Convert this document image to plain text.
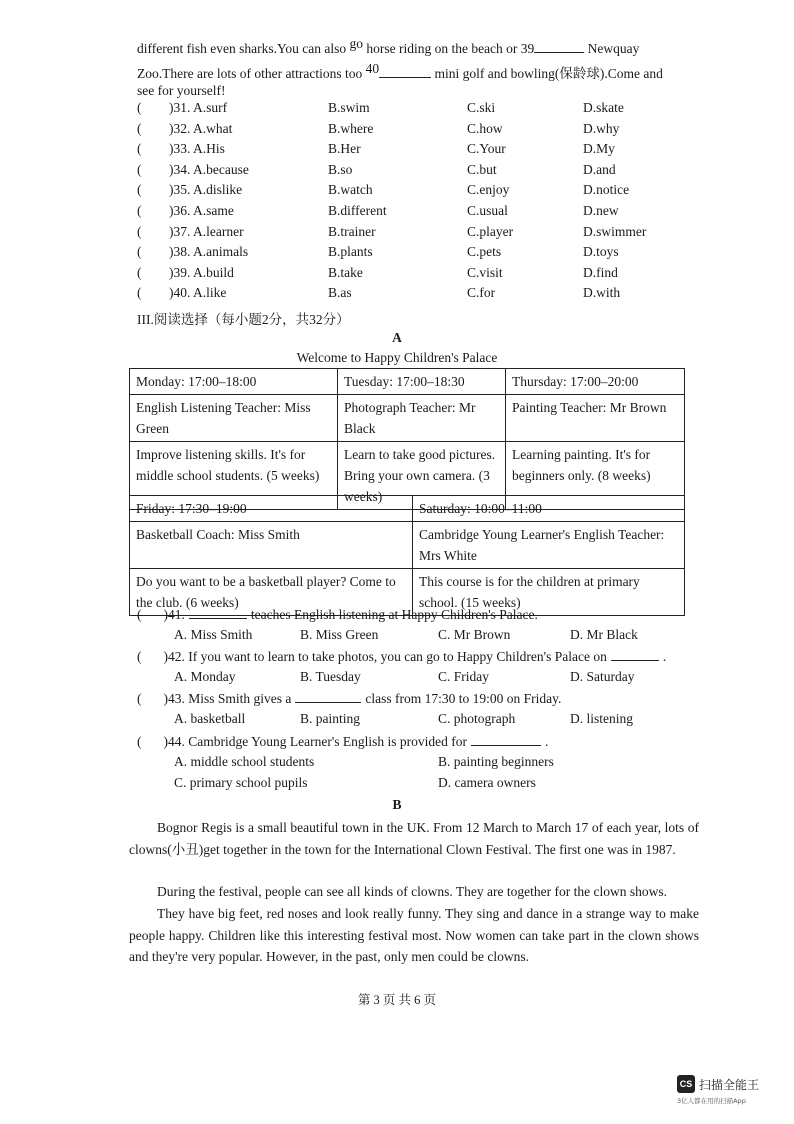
different fish even sharks.You can also go horse riding on the beach or 39	Newquay
Zoo.There are lots of other attractions too 40	mini golf and bowling(保龄球).Come and
see for yourself!
( )31. A.surf	B.swim	C.ski	D.skate
( )32. A.what	B.where	C.how	D.why
( )33. A.His	B.Her	C.Your	D.My
( )34. A.because	B.so	C.but	D.and
( )35. A.dislike	B.watch	C.enjoy	D.notice
( )36. A.same	B.different	C.usual	D.new
( )37. A.learner	B.trainer	C.player	D.swimmer
( )38. A.animals	B.plants	C.pets	D.toys
( )39. A.build	B.take	C.visit	D.find
( )40. A.like	B.as	C.for	D.with
III.阅读选择（每小题2分，共32分）
A
Welcome to Happy Children's Palace
Monday: 17:00–18:00	Tuesday: 17:00–18:30	Thursday: 17:00–20:00
English Listening Teacher: Miss Green	Photograph Teacher: Mr Black	Painting Teacher: Mr Brown
Improve listening skills. It's for middle school students. (5 weeks)	Learn to take good pictures. Bring your own camera. (3 weeks)	Learning painting. It's for beginners only. (8 weeks)
Friday: 17:30–19:00	Saturday: 10:00–11:00
Basketball Coach: Miss Smith	Cambridge Young Learner's English Teacher: Mrs White
Do you want to be a basketball player? Come to the club. (6 weeks)	This course is for the children at primary school. (15 weeks)
( )41.	teaches English listening at Happy Children's Palace.
A. Miss Smith	B. Miss Green	C. Mr Brown	D. Mr Black
( )42. If you want to learn to take photos, you can go to Happy Children's Palace on	.
A. Monday	B. Tuesday	C. Friday	D. Saturday
( )43. Miss Smith gives a	class from 17:30 to 19:00 on Friday.
A. basketball	B. painting	C. photograph	D. listening
( )44. Cambridge Young Learner's English is provided for	.
A. middle school students	B. painting beginners
C. primary school pupils	D. camera owners
B
Bognor Regis is a small beautiful town in the UK. From 12 March to March 17 of each year, lots of clowns(小丑)get together in the town for the International Clown Festival. The first one was in 1987.
During the festival, people can see all kinds of clowns. They are together for the clown shows.
They have big feet, red noses and look really funny. They sing and dance in a strange way to make people happy. Children like this interesting festival most. Now women can take part in the clown shows and they're very popular. However, in the past, only men could be clowns.
第 3 页 共 6 页
CS 扫描全能王
3亿人都在用的扫描App
